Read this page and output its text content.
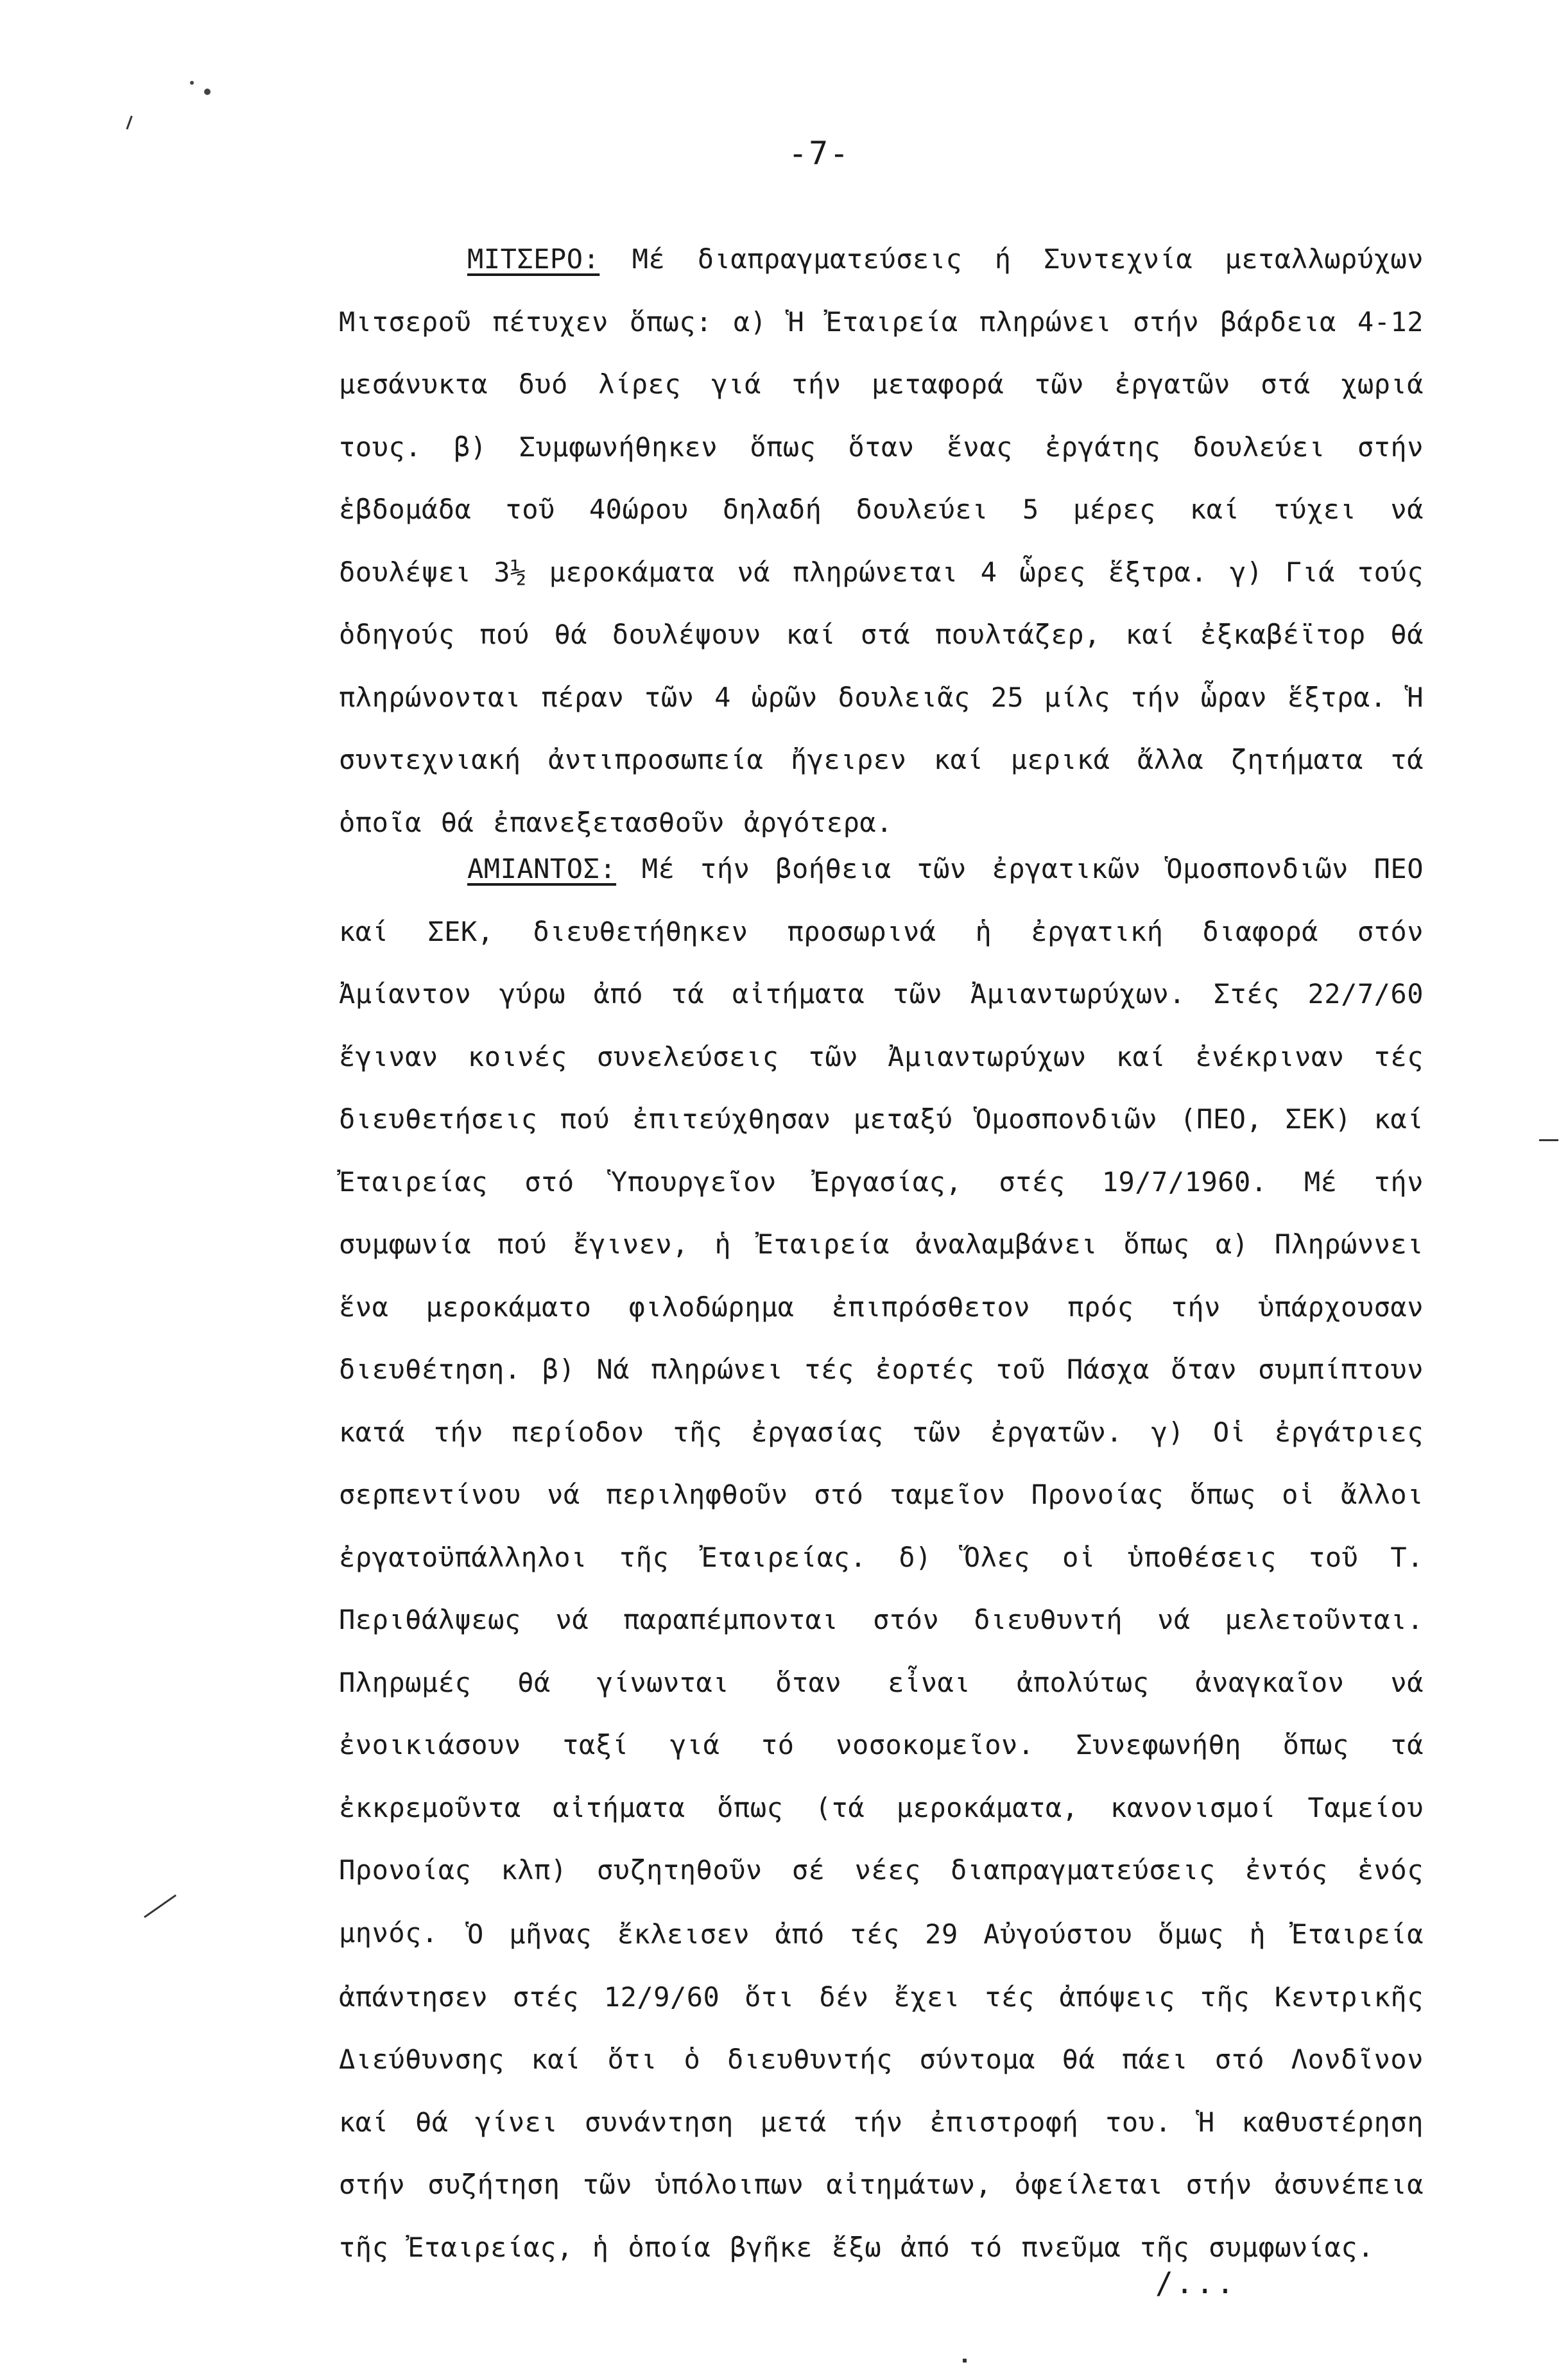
-7-
ΜΙΤΣΕΡΟ: Μέ διαπραγματεύσεις ή Συντεχνία μεταλλωρύχων Μιτσεροῦ πέτυχεν ὅπως: α) Ἡ Ἐταιρεία πληρώνει στήν βάρδεια 4-12 μεσάνυκτα δυό λίρες γιά τήν μεταφορά τῶν ἐργατῶν στά χωριά τους. β) Συμφωνήθηκεν ὅπως ὅταν ἕνας ἐργάτης δουλεύει στήν ἑβδομάδα τοῦ 40ώρου δηλαδή δουλεύει 5 μέρες καί τύχει νά δουλέψει 3½ μεροκάματα νά πληρώνεται 4 ὧρες ἕξτρα. γ) Γιά τούς ὁδηγούς πού θά δουλέψουν καί στά πουλτάζερ, καί ἐξκαβέϊτορ θά πληρώνονται πέραν τῶν 4 ὡρῶν δουλειᾶς 25 μίλς τήν ὧραν ἕξτρα. Ἡ συντεχνιακή ἀντιπροσωπεία ἤγειρεν καί μερικά ἄλλα ζητήματα τά ὁποῖα θά ἐπανεξετασθοῦν ἀργότερα.
ΑΜΙΑΝΤΟΣ: Μέ τήν βοήθεια τῶν ἐργατικῶν Ὁμοσπονδιῶν ΠΕΟ καί ΣΕΚ, διευθετήθηκεν προσωρινά ἡ ἐργατική διαφορά στόν Ἀμίαντον γύρω ἀπό τά αἰτήματα τῶν Ἀμιαντωρύχων. Στές 22/7/60 ἔγιναν κοινές συνελεύσεις τῶν Ἀμιαντωρύχων καί ἐνέκριναν τές διευθετήσεις πού ἐπιτεύχθησαν μεταξύ Ὁμοσπονδιῶν (ΠΕΟ, ΣΕΚ) καί Ἐταιρείας στό Ὑπουργεῖον Ἐργασίας, στές 19/7/1960. Μέ τήν συμφωνία πού ἔγινεν, ἡ Ἐταιρεία ἀναλαμβάνει ὅπως α) Πληρώννει ἕνα μεροκάματο φιλοδώρημα ἐπιπρόσθετον πρός τήν ὑπάρχουσαν διευθέτηση. β) Νά πληρώνει τές ἐορτές τοῦ Πάσχα ὅταν συμπίπτουν κατά τήν περίοδον τῆς ἐργασίας τῶν ἐργατῶν. γ) Οἱ ἐργάτριες σερπεντίνου νά περιληφθοῦν στό ταμεῖον Προνοίας ὅπως οἱ ἄλλοι ἐργατοϋπάλληλοι τῆς Ἐταιρείας. δ) Ὅλες οἱ ὑποθέσεις τοῦ Τ. Περιθάλψεως νά παραπέμπονται στόν διευθυντή νά μελετοῦνται. Πληρωμές θά γίνωνται ὅταν εἶναι ἀπολύτως ἀναγκαῖον νά ἐνοικιάσουν ταξί γιά τό νοσοκομεῖον. Συνεφωνήθη ὅπως τά ἐκκρεμοῦντα αἰτήματα ὅπως (τά μεροκάματα, κανονισμοί Ταμείου Προνοίας κλπ) συζητηθοῦν σέ νέες διαπραγματεύσεις ἐντός ἑνός μηνός.	Ὁ μῆνας ἔκλεισεν ἀπό τές 29 Αὐγούστου ὅμως ἡ Ἐταιρεία ἀπάντησεν στές 12/9/60 ὅτι δέν ἔχει τές ἀπόψεις τῆς Κεντρικῆς Διεύθυνσης καί ὅτι ὁ διευθυντής σύντομα θά πάει στό Λονδῖνον καί θά γίνει συνάντηση μετά τήν ἐπιστροφή του. Ἡ καθυστέρηση στήν συζήτηση τῶν ὑπόλοιπων αἰτημάτων, ὀφείλεται στήν ἀσυνέπεια τῆς Ἐταιρείας, ἡ ὁποία βγῆκε ἔξω ἀπό τό πνεῦμα τῆς συμφωνίας.
/...
